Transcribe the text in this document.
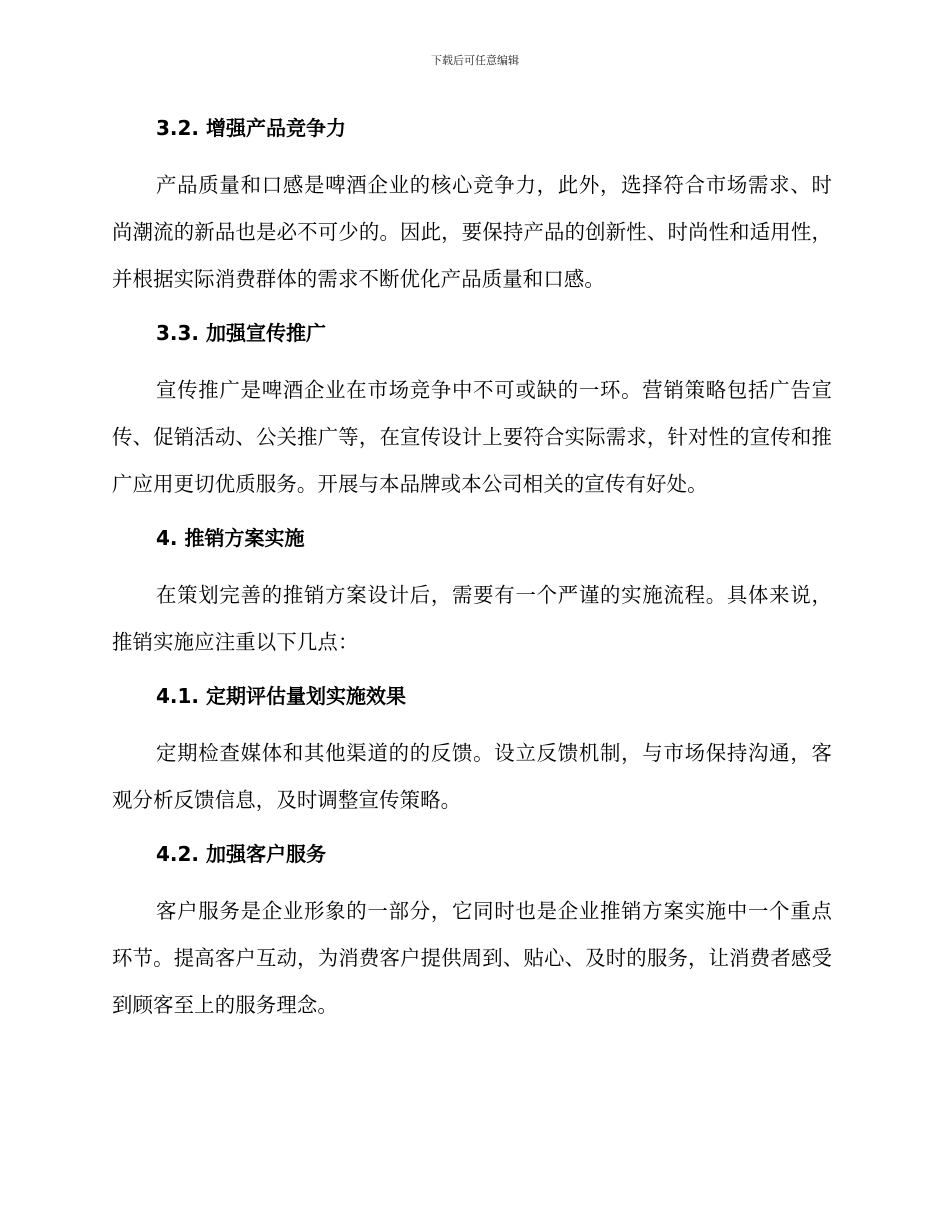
下载后可任意编辑
3.2. 增强产品竞争力

产品质量和口感是啤酒企业的核心竞争力，此外，选择符合市场需求、时尚潮流的新品也是必不可少的。因此，要保持产品的创新性、时尚性和适用性，并根据实际消费群体的需求不断优化产品质量和口感。

3.3. 加强宣传推广

宣传推广是啤酒企业在市场竞争中不可或缺的一环。营销策略包括广告宣传、促销活动、公关推广等，在宣传设计上要符合实际需求，针对性的宣传和推广应用更切优质服务。开展与本品牌或本公司相关的宣传有好处。

4. 推销方案实施

在策划完善的推销方案设计后，需要有一个严谨的实施流程。具体来说，推销实施应注重以下几点：

4.1. 定期评估量划实施效果

定期检查媒体和其他渠道的的反馈。设立反馈机制，与市场保持沟通，客观分析反馈信息，及时调整宣传策略。

4.2. 加强客户服务

客户服务是企业形象的一部分，它同时也是企业推销方案实施中一个重点环节。提高客户互动，为消费客户提供周到、贴心、及时的服务，让消费者感受到顾客至上的服务理念。
